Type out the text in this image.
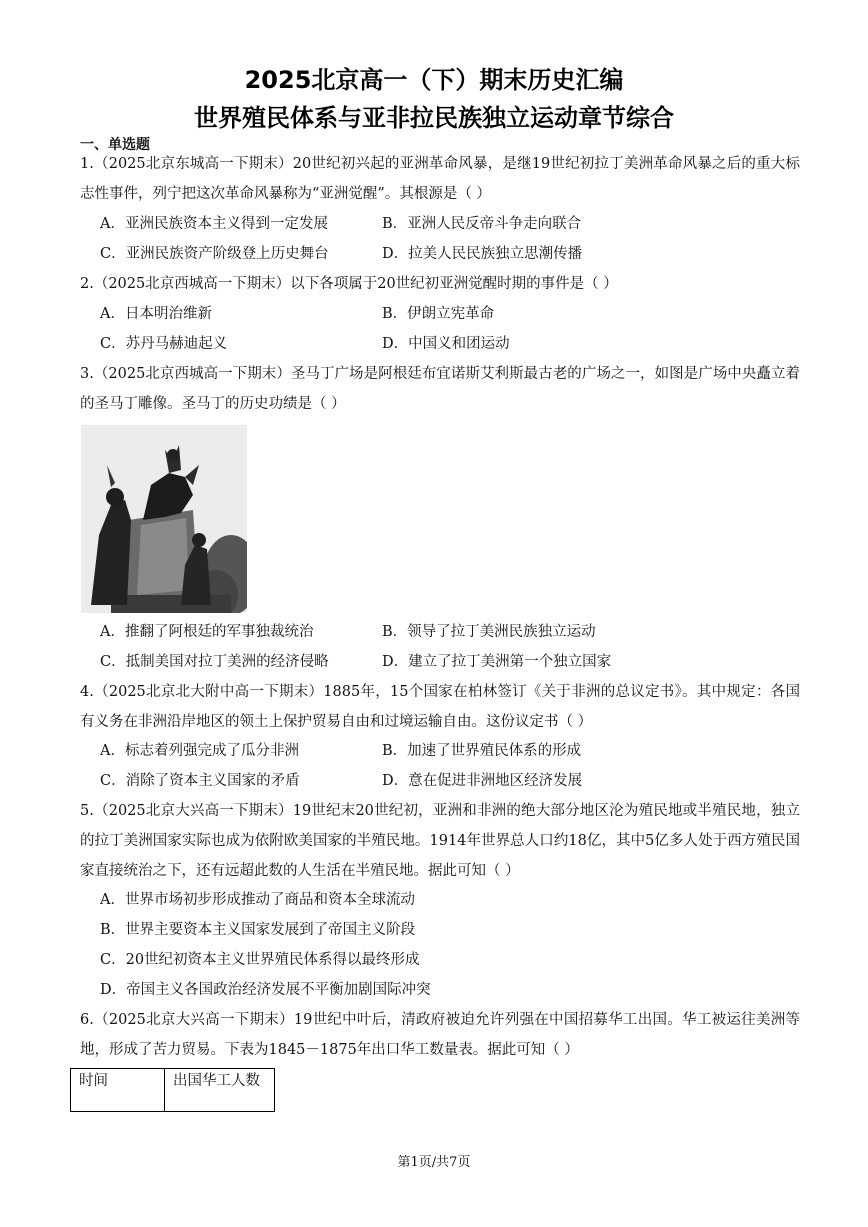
2025北京高一（下）期末历史汇编
世界殖民体系与亚非拉民族独立运动章节综合
一、单选题
1.（2025北京东城高一下期末）20世纪初兴起的亚洲革命风暴，是继19世纪初拉丁美洲革命风暴之后的重大标志性事件，列宁把这次革命风暴称为“亚洲觉醒”。其根源是（ ）
A．亚洲民族资本主义得到一定发展	B．亚洲人民反帝斗争走向联合
C．亚洲民族资产阶级登上历史舞台	D．拉美人民民族独立思潮传播
2.（2025北京西城高一下期末）以下各项属于20世纪初亚洲觉醒时期的事件是（ ）
A．日本明治维新	B．伊朗立宪革命
C．苏丹马赫迪起义	D．中国义和团运动
3.（2025北京西城高一下期末）圣马丁广场是阿根廷布宜诺斯艾利斯最古老的广场之一，如图是广场中央矗立着的圣马丁雕像。圣马丁的历史功绩是（ ）
A．推翻了阿根廷的军事独裁统治	B．领导了拉丁美洲民族独立运动
C．抵制美国对拉丁美洲的经济侵略	D．建立了拉丁美洲第一个独立国家
4.（2025北京北大附中高一下期末）1885年，15个国家在柏林签订《关于非洲的总议定书》。其中规定：各国有义务在非洲沿岸地区的领土上保护贸易自由和过境运输自由。这份议定书（ ）
A．标志着列强完成了瓜分非洲	B．加速了世界殖民体系的形成
C．消除了资本主义国家的矛盾	D．意在促进非洲地区经济发展
5.（2025北京大兴高一下期末）19世纪末20世纪初，亚洲和非洲的绝大部分地区沦为殖民地或半殖民地，独立的拉丁美洲国家实际也成为依附欧美国家的半殖民地。1914年世界总人口约18亿，其中5亿多人处于西方殖民国家直接统治之下，还有远超此数的人生活在半殖民地。据此可知（ ）
A．世界市场初步形成推动了商品和资本全球流动
B．世界主要资本主义国家发展到了帝国主义阶段
C．20世纪初资本主义世界殖民体系得以最终形成
D．帝国主义各国政治经济发展不平衡加剧国际冲突
6.（2025北京大兴高一下期末）19世纪中叶后，清政府被迫允许列强在中国招募华工出国。华工被运往美洲等地，形成了苦力贸易。下表为1845－1875年出口华工数量表。据此可知（ ）
时间	出国华工人数
第1页/共7页
